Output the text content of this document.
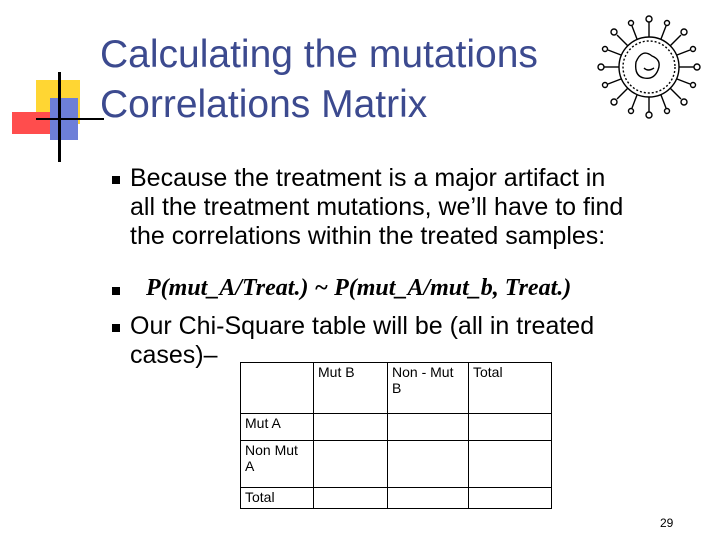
Calculating the mutations
Correlations Matrix
Because the treatment is a major artifact in
all the treatment mutations, we’ll have to find
the correlations within the treated samples:
P(mut_A/Treat.) ~ P(mut_A/mut_b, Treat.)
Our Chi-Square table will be (all in treated
cases)–
	Mut B	Non - Mut B	Total
Mut A			
Non Mut A			
Total			
29
